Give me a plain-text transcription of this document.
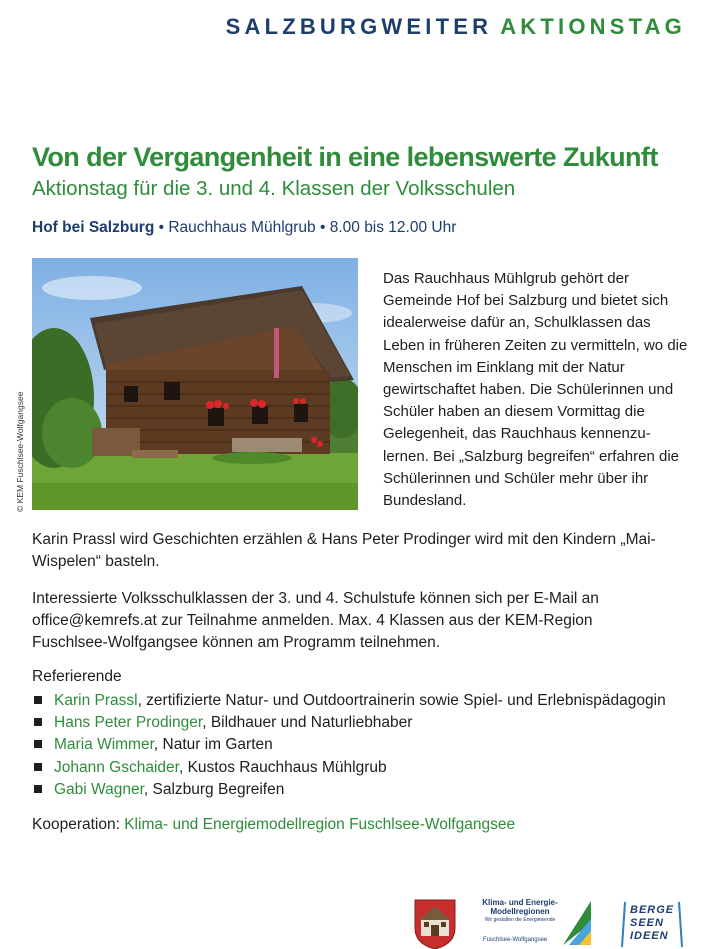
SALZBURGWEITER AKTIONSTAG
Von der Vergangenheit in eine lebenswerte Zukunft
Aktionstag für die 3. und 4. Klassen der Volksschulen
Hof bei Salzburg • Rauchhaus Mühlgrub • 8.00 bis 12.00 Uhr
© KEM Fuschlsee-Wolfgangsee

Das Rauchhaus Mühlgrub gehört der Gemeinde Hof bei Salzburg und bietet sich idealerweise dafür an, Schulklassen das Leben in früheren Zeiten zu vermitteln, wo die Menschen im Einklang mit der Natur gewirtschaftet haben. Die Schülerinnen und Schüler haben an diesem Vormittag die Gelegenheit, das Rauchhaus kennenzulernen. Bei „Salzburg begreifen“ erfahren die Schülerinnen und Schüler mehr über ihr Bundesland.

Karin Prassl wird Geschichten erzählen & Hans Peter Prodinger wird mit den Kindern „Mai-Wispelen“ basteln.

Interessierte Volksschulklassen der 3. und 4. Schulstufe können sich per E-Mail an office@kemrefs.at zur Teilnahme anmelden. Max. 4 Klassen aus der KEM-Region Fuschlsee-Wolfgangsee können am Programm teilnehmen.

Referierende
Karin Prassl, zertifizierte Natur- und Outdoortrainerin sowie Spiel- und Erlebnispädagogin
Hans Peter Prodinger, Bildhauer und Naturliebhaber
Maria Wimmer, Natur im Garten
Johann Gschaider, Kustos Rauchhaus Mühlgrub
Gabi Wagner, Salzburg Begreifen
Kooperation: Klima- und Energiemodellregion Fuschlsee-Wolfgangsee
Klima- und Energie-
Modellregionen
Wir gestalten die Energiewende
Fuschlsee-Wolfgangsee
BERGE
SEEN
IDEEN
